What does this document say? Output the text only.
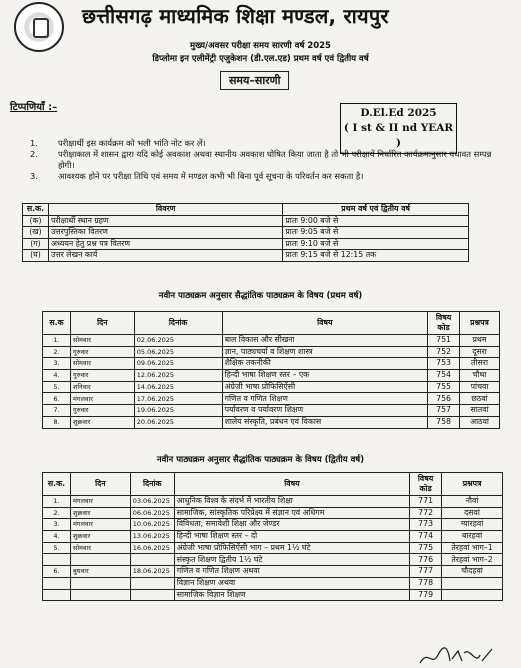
छत्तीसगढ़ माध्यमिक शिक्षा मण्डल, रायपुर
मुख्य/अवसर परीक्षा समय सारणी वर्ष 2025
डिप्लोमा इन एलीमेंट्री एजुकेशन (डी.एल.एड) प्रथम वर्ष एवं द्वितीय वर्ष
समय–सारणी
टिप्पणियाँ :–	D.El.Ed 2025
( I st & II nd YEAR )
1.	परीक्षार्थी इस कार्यक्रम को भली भांति नोट कर लें।
2.	परीक्षाकाल में शासन द्वारा यदि कोई अवकाश अथवा स्थानीय अवकाश घोषित किया जाता है तो भी परीक्षायें निर्धारित कार्यक्रमानुसार यथावत सम्पन्न होगी।
3.	आवश्यक होने पर परीक्षा तिथि एवं समय में मण्डल कभी भी बिना पूर्व सूचना के परिवर्तन कर सकता है।
स.क.	विवरण	प्रथम वर्ष एवं द्वितीय वर्ष
(क)	परीक्षार्थी स्थान ग्रहण	प्रातः 9:00 बजे से
(ख)	उत्तरपुस्तिका वितरण	प्रातः 9:05 बजे से
(ग)	अध्ययन हेतु प्रश्न पत्र वितरण	प्रातः 9:10 बजे से
(घ)	उत्तर लेखन कार्य	प्रातः 9:15 बजे से 12:15 तक
नवीन पाठ्यक्रम अनुसार सैद्धांतिक पाठ्यक्रम के विषय (प्रथम वर्ष)
स.क	दिन	दिनांक	विषय	विषय कोड	प्रश्नपत्र
1.	सोमवार	02.06.2025	बाल विकास और सीखना	751	प्रथम
2.	गुरुवार	05.06.2025	ज्ञान, पाठ्यचर्या व शिक्षण शास्त्र	752	दूसरा
3.	सोमवार	09.06.2025	शैक्षिक तकनीकी	753	तीसरा
4.	गुरुवार	12.06.2025	हिन्दी भाषा शिक्षण स्तर – एक	754	चौथा
5.	शनिवार	14.06.2025	अंग्रेजी भाषा प्रोफिसिऐंसी	755	पांचवा
6.	मंगलवार	17.06.2025	गणित व गणित शिक्षण	756	छठवां
7.	गुरुवार	19.06.2025	पर्यावरण व पर्यावरण शिक्षण	757	सातवां
8.	शुक्रवार	20.06.2025	शालेय संस्कृति, प्रबंधन एवं विकास	758	आठवां
नवीन पाठ्यक्रम अनुसार सैद्धांतिक पाठ्यक्रम के विषय (द्वितीय वर्ष)
स.क.	दिन	दिनांक	विषय	विषय कोड	प्रश्नपत्र
1.	मंगलवार	03.06.2025	आधुनिक विश्व के संदर्भ में भारतीय शिक्षा	771	नौवां
2.	शुक्रवार	06.06.2025	सामाजिक, सांस्कृतिक परिप्रेक्ष्य में संज्ञान एवं अधिगम	772	दसवां
3.	मंगलवार	10.06.2025	विविधता, समावेशी शिक्षा और जेण्डर	773	ग्यारहवां
4.	शुक्रवार	13.06.2025	हिन्दी भाषा शिक्षण स्तर – दो	774	बारहवां
5.	सोमवार	16.06.2025	अंग्रेजी भाषा प्रोफिसिऐंसी भाग – प्रथम 1½ घंटे	775	तेरहवां भाग–1
			संस्कृत शिक्षण द्वितीय 1½ घंटे	776	तेरहवां भाग–2
6.	बुधवार	18.06.2025	गणित व गणित शिक्षण अथवा	777	चौदहवां
			विज्ञान शिक्षण अथवा	778	
			सामाजिक विज्ञान शिक्षण	779	
